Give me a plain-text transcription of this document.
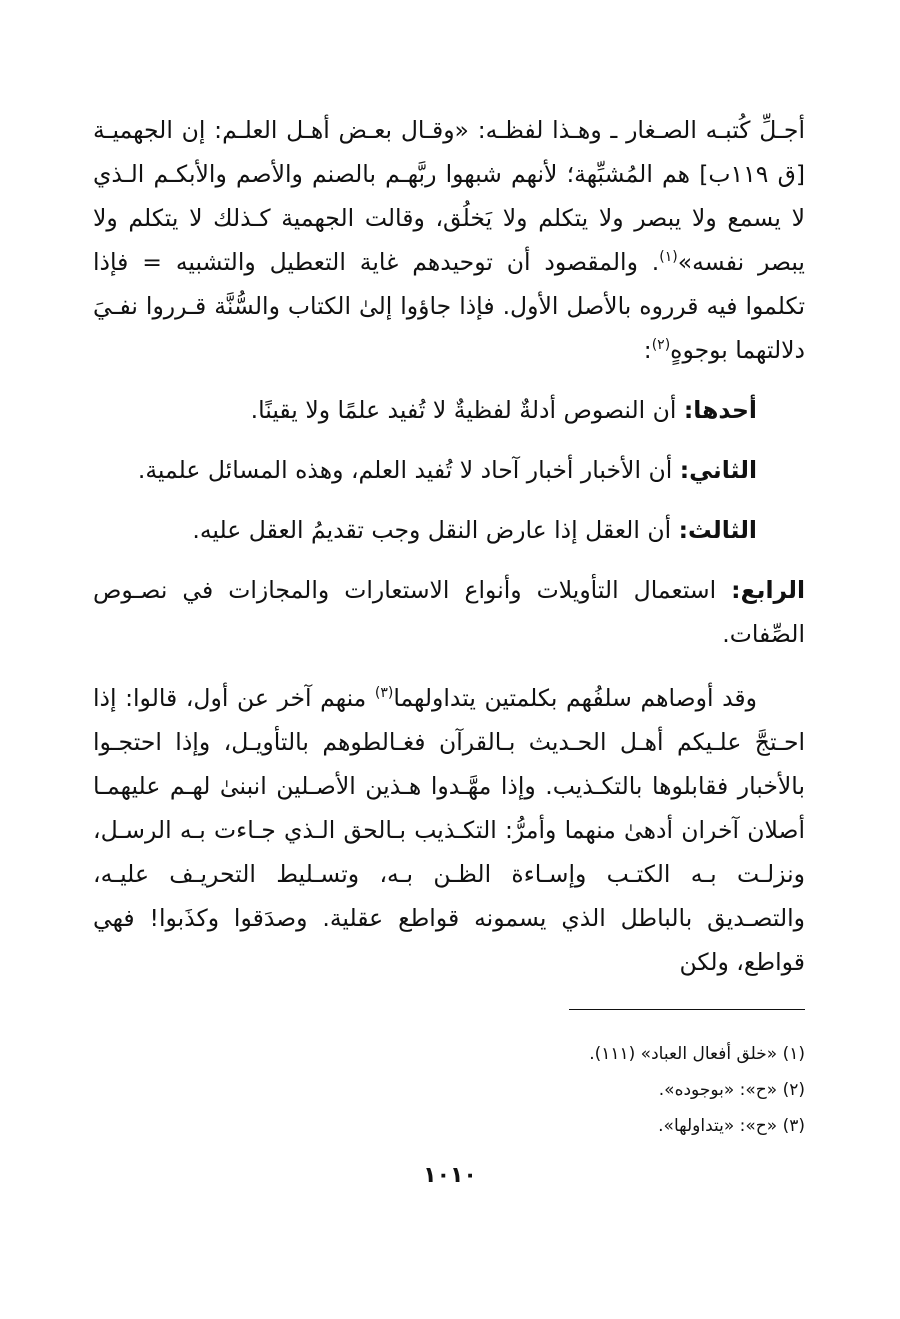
أجـلِّ كُتبـه الصـغار ـ وهـذا لفظـه: «وقـال بعـض أهـل العلـم: إن الجهميـة [ق ١١٩ب] هم المُشبِّهة؛ لأنهم شبهوا ربَّهـم بالصنم والأصم والأبكـم الـذي لا يسمع ولا يبصر ولا يتكلم ولا يَخلُق، وقالت الجهمية كـذلك لا يتكلم ولا يبصر نفسه»$^{(١)}$. والمقصود أن توحيدهم غاية التعطيل والتشبيه = فإذا تكلموا فيه قرروه بالأصل الأول. فإذا جاؤوا إلىٰ الكتاب والسُّنَّة قـرروا نفـيَ دلالتهما بوجوهٍ$^{(٢)}$:

أحدها: أن النصوص أدلةٌ لفظيةٌ لا تُفيد علمًا ولا يقينًا.

الثاني: أن الأخبار أخبار آحاد لا تُفيد العلم، وهذه المسائل علمية.

الثالث: أن العقل إذا عارض النقل وجب تقديمُ العقل عليه.

الرابع: استعمال التأويلات وأنواع الاستعارات والمجازات في نصـوص الصِّفات.

وقد أوصاهم سلفُهم بكلمتين يتداولهما$^{(٣)}$ منهم آخر عن أول، قالوا: إذا احـتجَّ علـيكم أهـل الحـديث بـالقرآن فغـالطوهم بالتأويـل، وإذا احتجـوا بالأخبار فقابلوها بالتكـذيب. وإذا مهَّـدوا هـذين الأصـلين انبنىٰ لهـم عليهمـا أصلان آخران أدهىٰ منهما وأمرُّ: التكـذيب بـالحق الـذي جـاءت بـه الرسـل، ونزلـت بـه الكتـب وإسـاءة الظـن بـه، وتسـليط التحريـف عليـه، والتصـديق بالباطل الذي يسمونه قواطع عقلية. وصدَقوا وكذَبوا! فهي قواطع، ولكن

(١) «خلق أفعال العباد» (١١١).

(٢) «ح»: «بوجوده».

(٣) «ح»: «يتداولها».

١٠١٠
